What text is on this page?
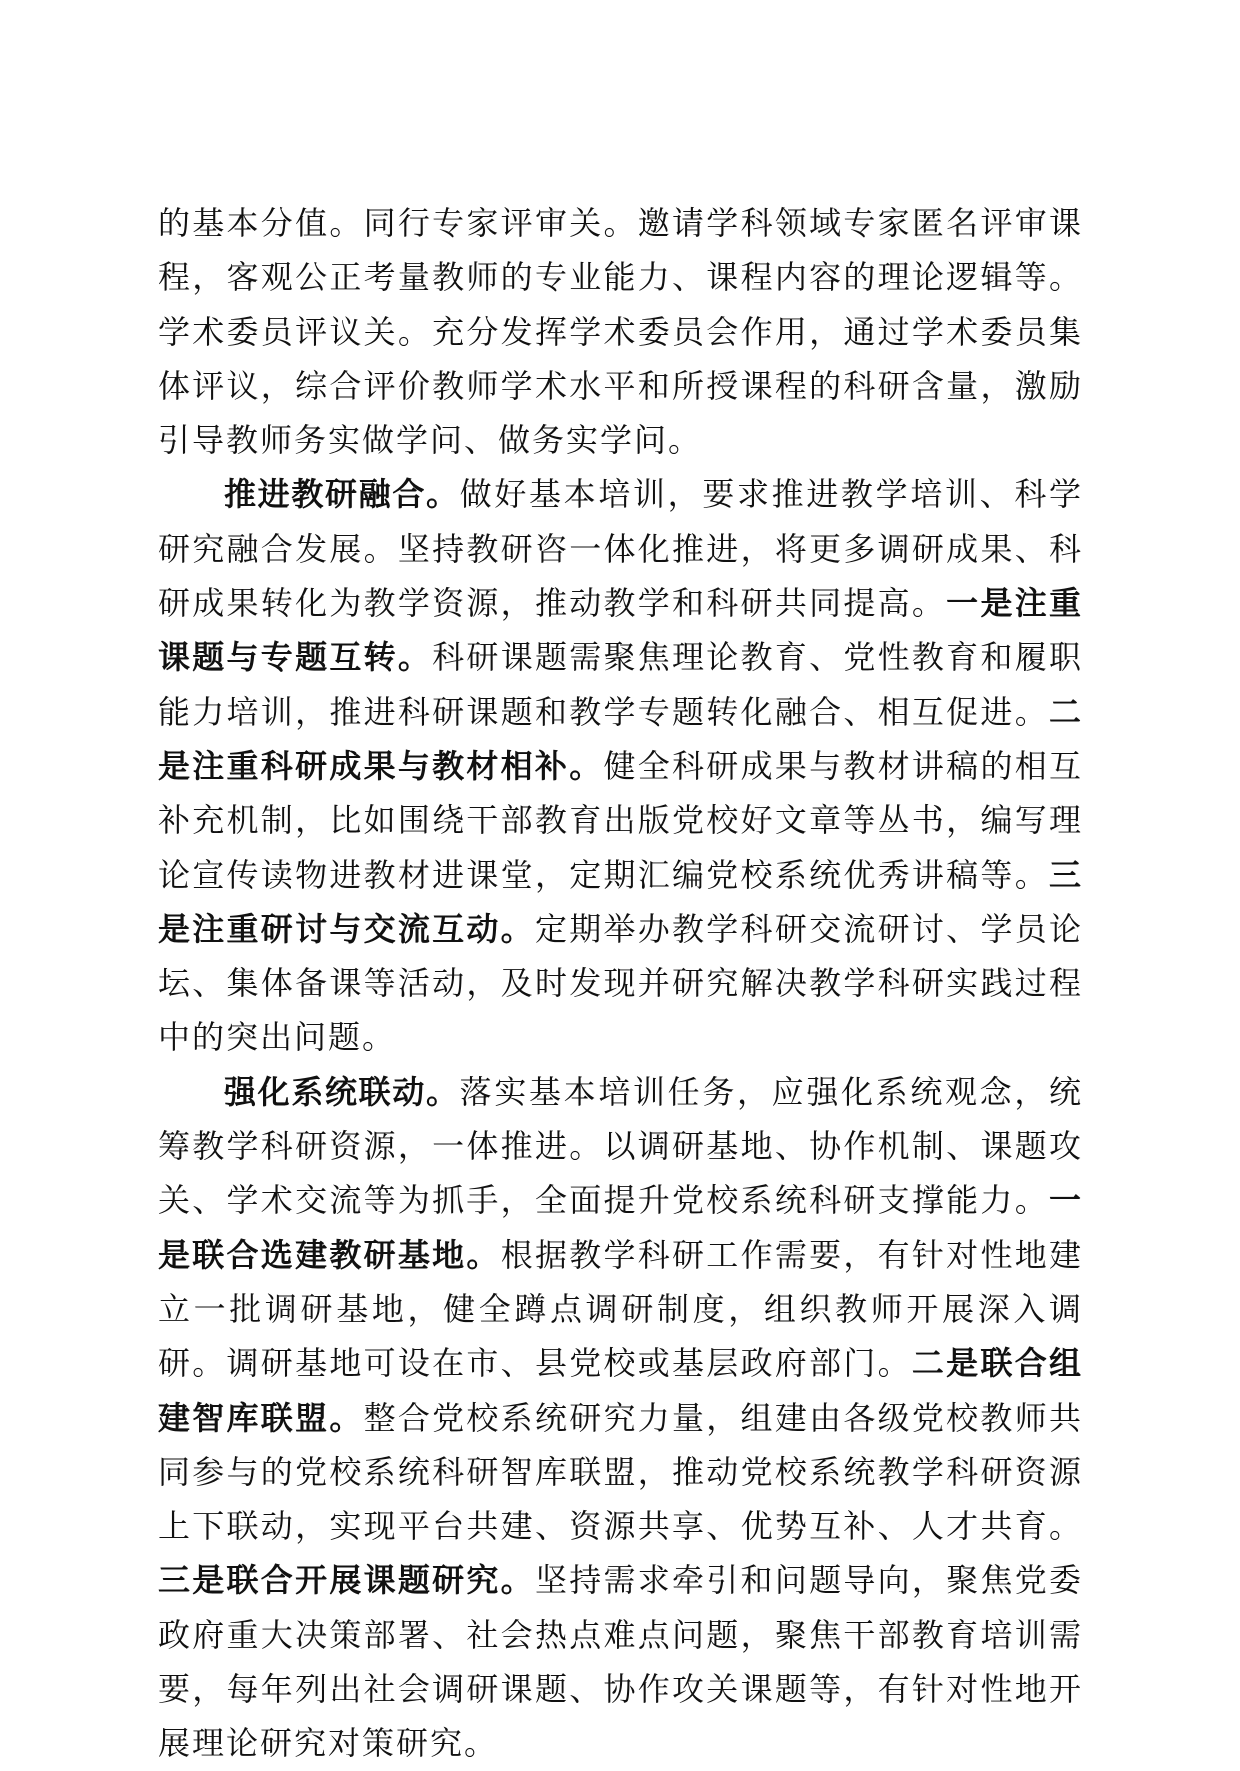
的基本分值。同行专家评审关。邀请学科领域专家匿名评审课程，客观公正考量教师的专业能力、课程内容的理论逻辑等。学术委员评议关。充分发挥学术委员会作用，通过学术委员集体评议，综合评价教师学术水平和所授课程的科研含量，激励引导教师务实做学问、做务实学问。

推进教研融合。做好基本培训，要求推进教学培训、科学研究融合发展。坚持教研咨一体化推进，将更多调研成果、科研成果转化为教学资源，推动教学和科研共同提高。一是注重课题与专题互转。科研课题需聚焦理论教育、党性教育和履职能力培训，推进科研课题和教学专题转化融合、相互促进。二是注重科研成果与教材相补。健全科研成果与教材讲稿的相互补充机制，比如围绕干部教育出版党校好文章等丛书，编写理论宣传读物进教材进课堂，定期汇编党校系统优秀讲稿等。三是注重研讨与交流互动。定期举办教学科研交流研讨、学员论坛、集体备课等活动，及时发现并研究解决教学科研实践过程中的突出问题。

强化系统联动。落实基本培训任务，应强化系统观念，统筹教学科研资源，一体推进。以调研基地、协作机制、课题攻关、学术交流等为抓手，全面提升党校系统科研支撑能力。一是联合选建教研基地。根据教学科研工作需要，有针对性地建立一批调研基地，健全蹲点调研制度，组织教师开展深入调研。调研基地可设在市、县党校或基层政府部门。二是联合组建智库联盟。整合党校系统研究力量，组建由各级党校教师共同参与的党校系统科研智库联盟，推动党校系统教学科研资源上下联动，实现平台共建、资源共享、优势互补、人才共育。三是联合开展课题研究。坚持需求牵引和问题导向，聚焦党委政府重大决策部署、社会热点难点问题，聚焦干部教育培训需要，每年列出社会调研课题、协作攻关课题等，有针对性地开展理论研究对策研究。
